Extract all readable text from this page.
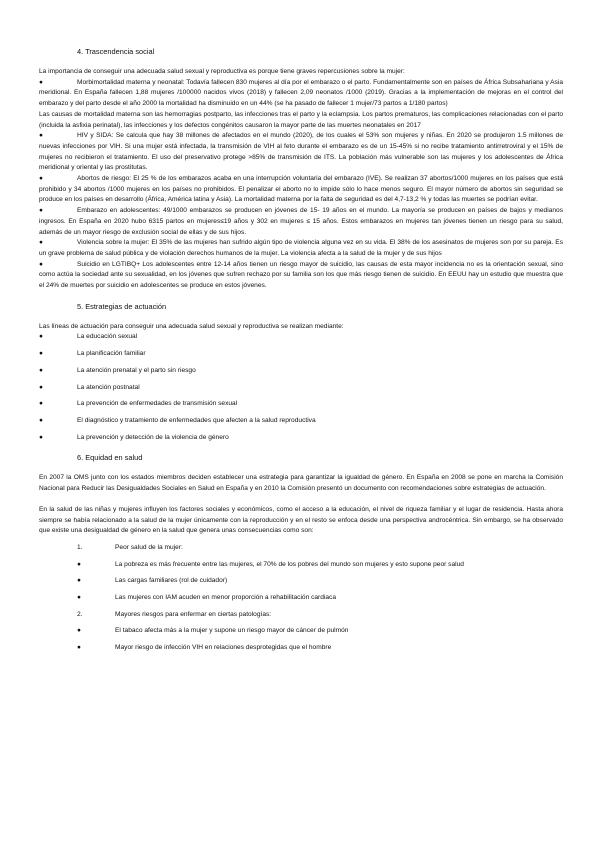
4. Trascendencia social

La importancia de conseguir una adecuada salud sexual y reproductiva es porque tiene graves repercusiones sobre la mujer:

●	Morbimortalidad materna y neonatal: Todavía fallecen 830 mujeres al día por el embarazo o el parto. Fundamentalmente son en países de África Subsahariana y Asia meridional. En España fallecen 1,88 mujeres /100000 nacidos vivos (2018) y fallecen 2,09 neonatos /1000 (2019). Gracias a la implementación de mejoras en el control del embarazo y del parto desde el año 2000 la mortalidad ha disminuido en un 44% (se ha pasado de fallecer 1 mujer/73 partos a 1/180 partos)

Las causas de mortalidad materna son las hemorragias postparto, las infecciones tras el parto y la eclampsia. Los partos prematuros, las complicaciones relacionadas con el parto (incluida la asfixia perinatal), las infecciones y los defectos congénitos causaron la mayor parte de las muertes neonatales en 2017

●	HIV y SIDA: Se calcula que hay 38 millones de afectados en el mundo (2020), de los cuales el 53% son mujeres y niñas. En 2020 se produjeron 1.5 millones de nuevas infecciones por VIH. Si una mujer está infectada, la transmisión de VIH al feto durante el embarazo es de un 15-45% si no recibe tratamiento antirretroviral y el 15% de mujeres no recibieron el tratamiento. El uso del preservativo protege >85% de transmisión de ITS. La población más vulnerable son las mujeres y los adolescentes de África meridional y oriental y las prostitutas.

●	Abortos de riesgo: El 25 % de los embarazos acaba en una interrupción voluntaria del embarazo (IVE). Se realizan 37 abortos/1000 mujeres en los países que está prohibido y 34 abortos /1000 mujeres en los países no prohibidos. El penalizar el aborto no lo impide sólo lo hace menos seguro. El mayor número de abortos sin seguridad se produce en los países en desarrollo (África, América latina y Asia). La mortalidad materna por la falta de seguridad es del 4,7-13,2 % y todas las muertes se podrían evitar.

●	Embarazo en adolescentes: 49/1000 embarazos se producen en jóvenes de 15- 19 años en el mundo. La mayoría se producen en países de bajos y medianos ingresos. En España en 2020 hubo 6315 partos en mujeres≤19 años y 302 en mujeres ≤ 15 años. Estos embarazos en mujeres tan jóvenes tienen un riesgo para su salud, además de un mayor riesgo de exclusión social de ellas y de sus hijos.

●	Violencia sobre la mujer: El 35% de las mujeres han sufrido algún tipo de violencia alguna vez en su vida. El 38% de los asesinatos de mujeres son por su pareja. Es un grave problema de salud pública y de violación derechos humanos de la mujer. La violencia afecta a la salud de la mujer y de sus hijos

●	Suicidio en LGTIBQ+ Los adolescentes entre 12-14 años tienen un riesgo mayor de suicidio, las causas de esta mayor incidencia no es la orientación sexual, sino como actúa la sociedad ante su sexualidad, en los jóvenes que sufren rechazo por su familia son los que más riesgo tienen de suicidio. En EEUU hay un estudio que muestra que el 24% de muertes por suicidio en adolescentes se produce en estos jóvenes.

5. Estrategias de actuación

Las líneas de actuación para conseguir una adecuada salud sexual y reproductiva se realizan mediante:

●	La educación sexual
●	La planificación familiar
●	La atención prenatal y el parto sin riesgo
●	La atención postnatal
●	La prevención de enfermedades de transmisión sexual
●	El diagnóstico y tratamiento de enfermedades que afecten a la salud reproductiva
●	La prevención y detección de la violencia de género

6. Equidad en salud

En 2007 la OMS junto con los estados miembros deciden establecer una estrategia para garantizar la igualdad de género. En España en 2008 se pone en marcha la Comisión Nacional para Reducir las Desigualdades Sociales en Salud en España y en 2010 la Comisión presentó un documento con recomendaciones sobre estrategias de actuación.

En la salud de las niñas y mujeres influyen los factores sociales y económicos, como el acceso a la educación, el nivel de riqueza familiar y el lugar de residencia. Hasta ahora siempre se había relacionado a la salud de la mujer únicamente con la reproducción y en el resto se enfoca desde una perspectiva androcéntrica. Sin embargo, se ha observado que existe una desigualdad de género en la salud que genera unas consecuencias como son:

1.	Peor salud de la mujer:

●	La pobreza es más frecuente entre las mujeres, el 70% de los pobres del mundo son mujeres y esto supone peor salud

●	Las cargas familiares (rol de cuidador)
●	Las mujeres con IAM acuden en menor proporción a rehabilitación cardiaca
2.	Mayores riesgos para enfermar en ciertas patologías:
●	El tabaco afecta más a la mujer y supone un riesgo mayor de cáncer de pulmón
●	Mayor riesgo de infección VIH en relaciones desprotegidas que el hombre
